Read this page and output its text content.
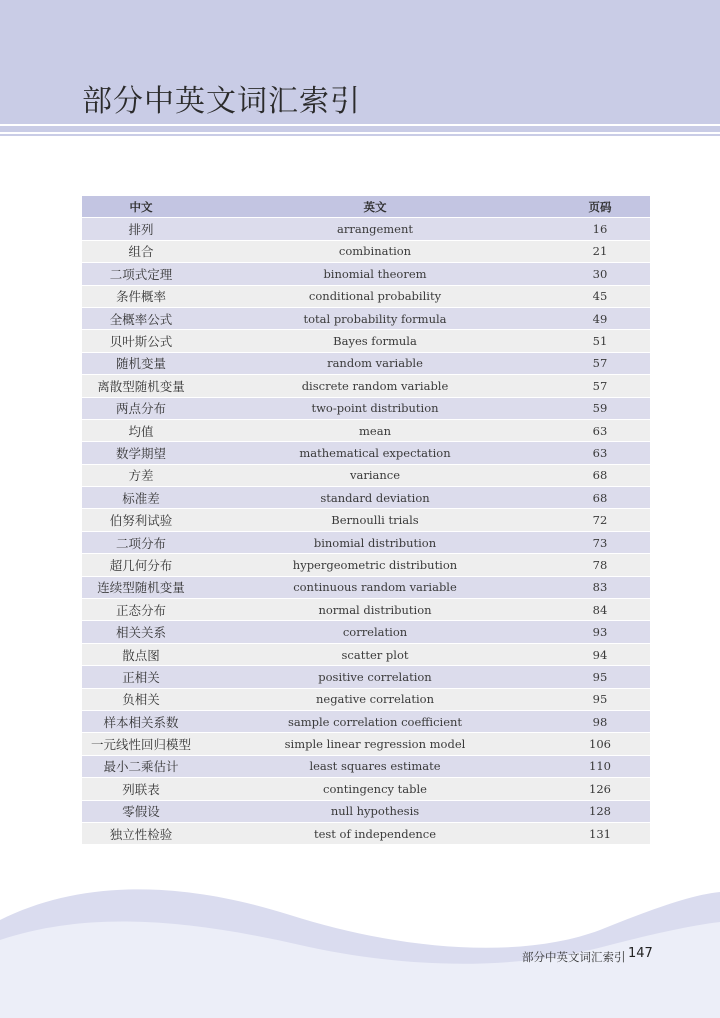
部分中英文词汇索引
中文	英文	页码
排列	arrangement	16
组合	combination	21
二项式定理	binomial theorem	30
条件概率	conditional probability	45
全概率公式	total probability formula	49
贝叶斯公式	Bayes formula	51
随机变量	random variable	57
离散型随机变量	discrete random variable	57
两点分布	two-point distribution	59
均值	mean	63
数学期望	mathematical expectation	63
方差	variance	68
标准差	standard deviation	68
伯努利试验	Bernoulli trials	72
二项分布	binomial distribution	73
超几何分布	hypergeometric distribution	78
连续型随机变量	continuous random variable	83
正态分布	normal distribution	84
相关关系	correlation	93
散点图	scatter plot	94
正相关	positive correlation	95
负相关	negative correlation	95
样本相关系数	sample correlation coefficient	98
一元线性回归模型	simple linear regression model	106
最小二乘估计	least squares estimate	110
列联表	contingency table	126
零假设	null hypothesis	128
独立性检验	test of independence	131
部分中英文词汇索引 147
